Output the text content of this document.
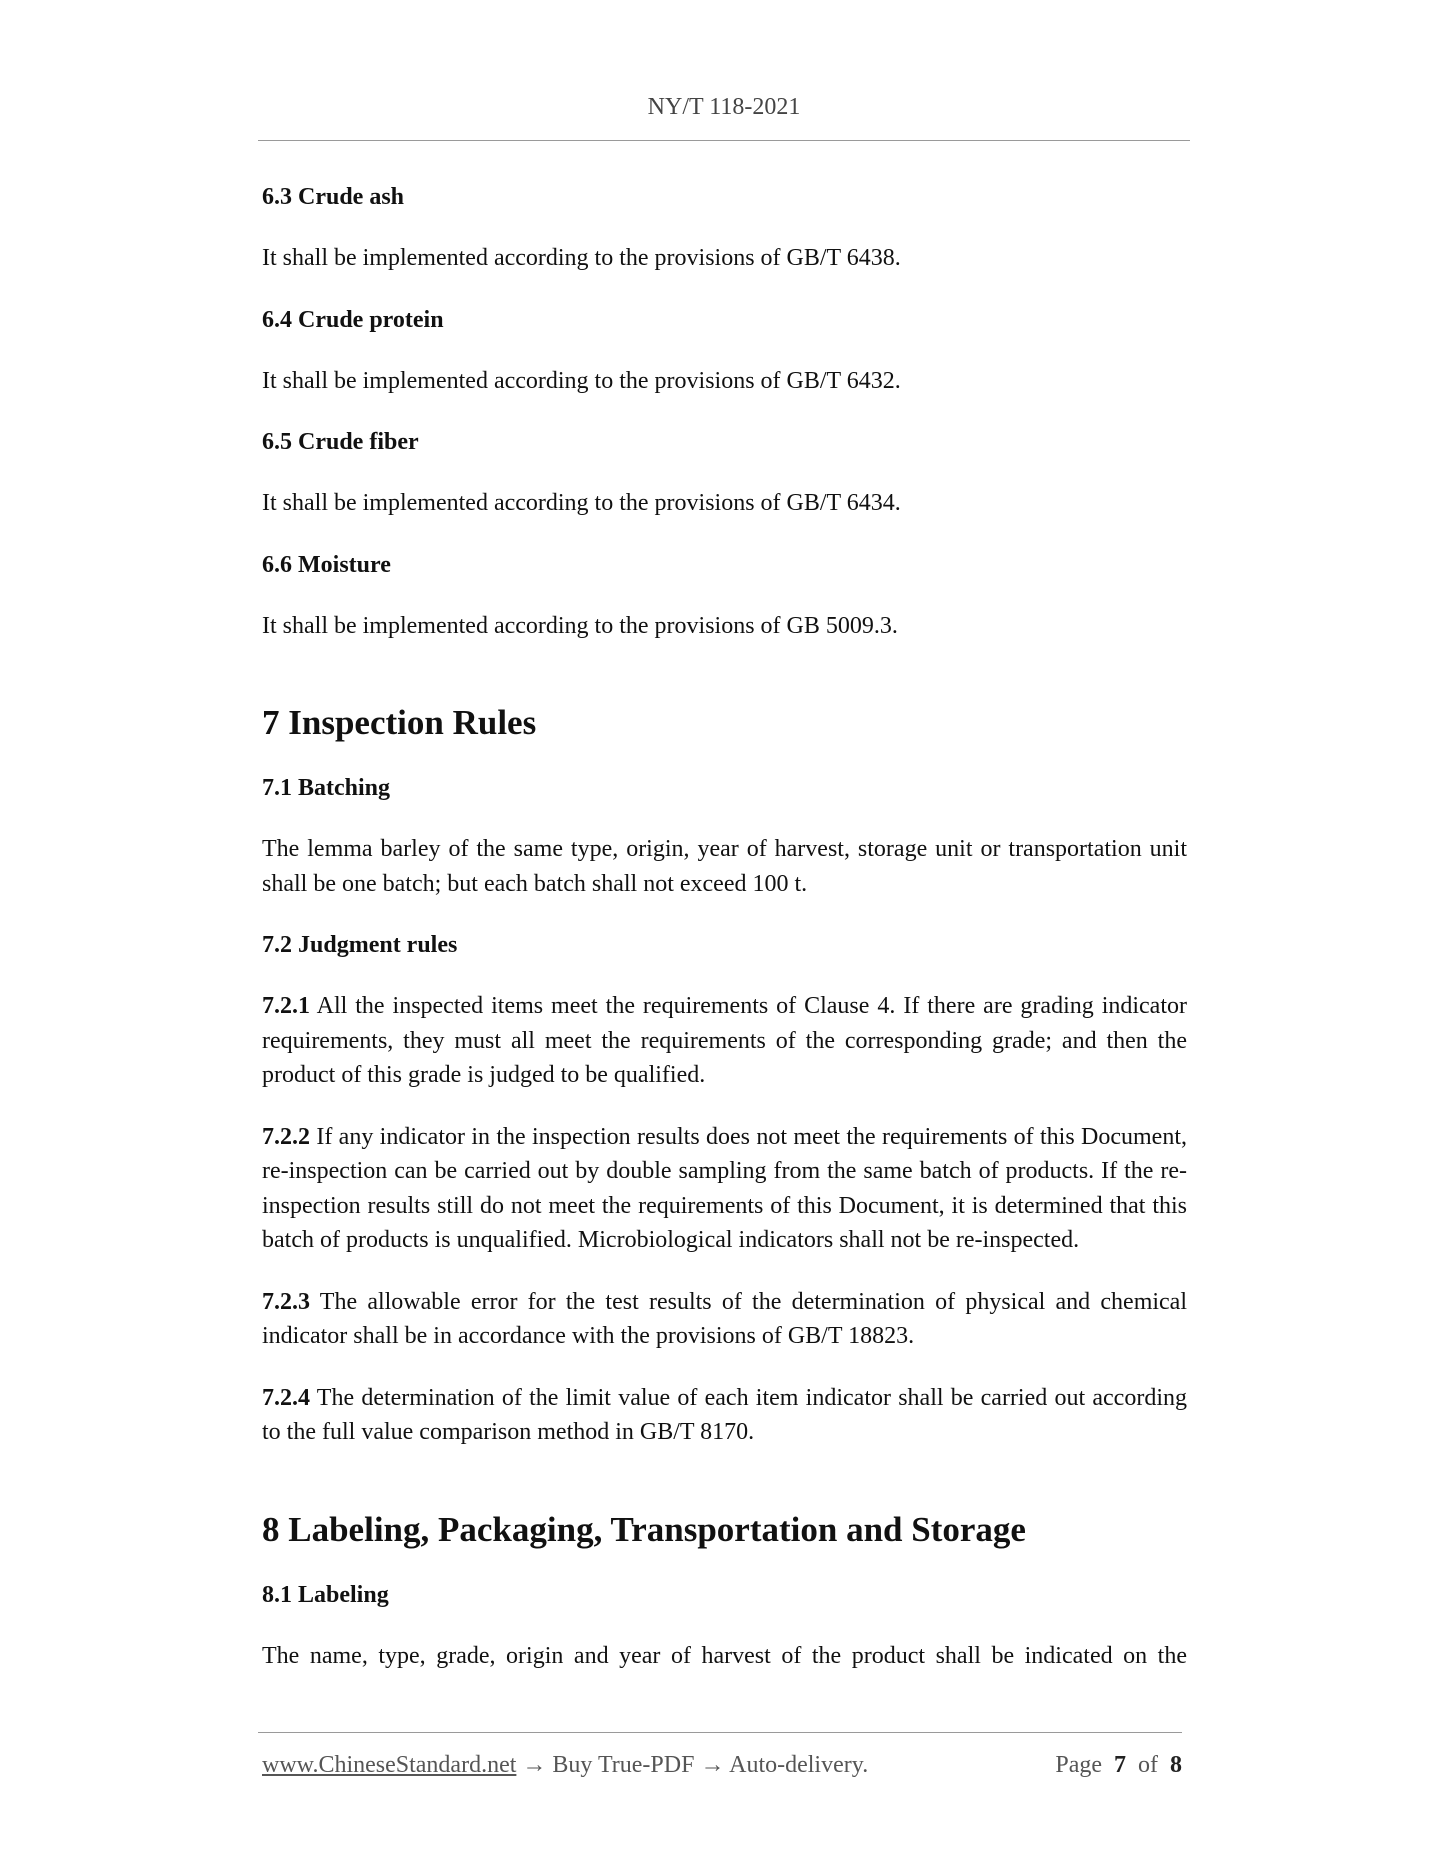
NY/T 118-2021
6.3 Crude ash
It shall be implemented according to the provisions of GB/T 6438.
6.4 Crude protein
It shall be implemented according to the provisions of GB/T 6432.
6.5 Crude fiber
It shall be implemented according to the provisions of GB/T 6434.
6.6 Moisture
It shall be implemented according to the provisions of GB 5009.3.
7 Inspection Rules
7.1 Batching
The lemma barley of the same type, origin, year of harvest, storage unit or transportation unit shall be one batch; but each batch shall not exceed 100 t.
7.2 Judgment rules
7.2.1 All the inspected items meet the requirements of Clause 4. If there are grading indicator requirements, they must all meet the requirements of the corresponding grade; and then the product of this grade is judged to be qualified.
7.2.2 If any indicator in the inspection results does not meet the requirements of this Document, re-inspection can be carried out by double sampling from the same batch of products. If the re-inspection results still do not meet the requirements of this Document, it is determined that this batch of products is unqualified. Microbiological indicators shall not be re-inspected.
7.2.3 The allowable error for the test results of the determination of physical and chemical indicator shall be in accordance with the provisions of GB/T 18823.
7.2.4 The determination of the limit value of each item indicator shall be carried out according to the full value comparison method in GB/T 8170.
8 Labeling, Packaging, Transportation and Storage
8.1 Labeling
The name, type, grade, origin and year of harvest of the product shall be indicated on the
www.ChineseStandard.net → Buy True-PDF → Auto-delivery.	Page 7 of 8
